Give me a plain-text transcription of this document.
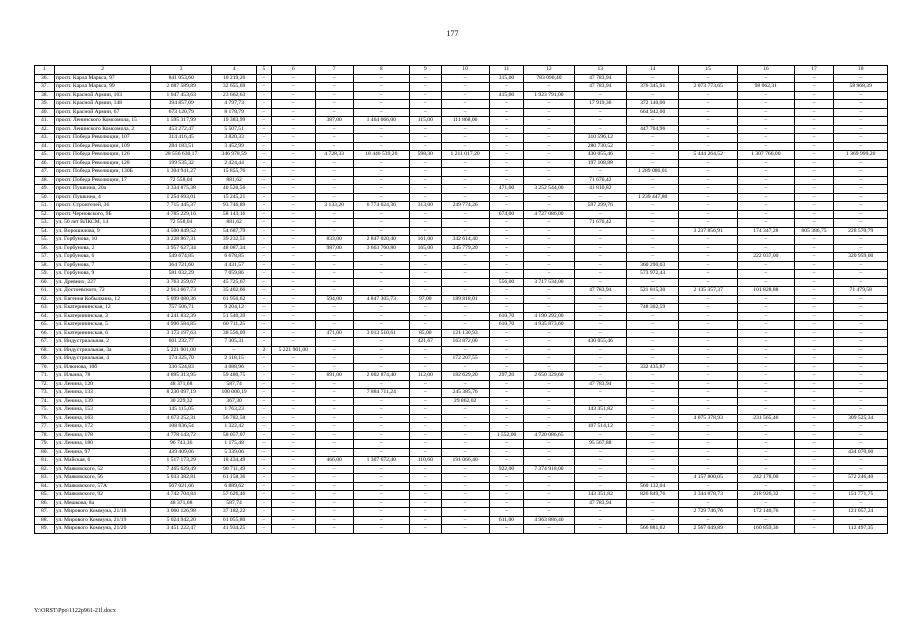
177
1	2	3	4	5	6	7	8	9	10	11	12	13	14	15	16	17	18
36.	просп. Карла Маркса, 97	841 053,60	10 219,26	–	–	–	–	–	–	315,00	783 090,40	47 783,94	–	–	–	–	–
37.	просп. Карла Маркса, 99	2 687 589,89	32 655,69	–	–	–	–	–	–	–	–	47 783,94	376 345,91	2 073 773,65	98 062,31	–	58 968,39
38.	просп. Красной Армии, 103	1 947 453,63	23 662,63	–	–	–	–	–	–	415,00	1 923 791,00	–	–	–	–	–	–
39.	просп. Красной Армии, 148	394 857,09	4 797,73	–	–	–	–	–	–	–	–	17 919,36	372 140,00	–	–	–	–
40.	просп. Красной Армии, 67	673 120,79	8 178,79	–	–	–	–	–	–	–	–	–	664 942,00	–	–	–	–
41.	просп. Ленинского Комсомола, 15	1 595 317,99	19 383,99	–	–	387,00	1 464 066,00	115,00	111 868,00	–	–	–	–	–	–	–	–
42.	просп. Ленинского Комсомола, 2	453 272,47	5 507,51	–	–	–	–	–	–	–	–	–	447 764,96	–	–	–	–
43.	просп. Победа Революции, 107	314 416,45	3 820,33	–	–	–	–	–	–	–	–	310 596,12	–	–	–	–	–
44.	просп. Победа Революции, 109	284 183,51	3 452,99	–	–	–	–	–	–	–	–	280 730,52	–	–	–	–	–
45.	просп. Победа Революции, 126	28 556 630,17	346 978,59	–	–	4 728,33	18 446 539,20	598,30	1 211 017,20	–	–	430 055,46	–	5 444 264,52	1 307 766,00	–	1 369 999,20
46.	просп. Победа Революции, 128	199 535,32	2 424,44	–	–	–	–	–	–	–	–	197 108,88	–	–	–	–	–
47.	просп. Победа Революции, 130Б	1 304 941,27	15 855,76	–	–	–	–	–	–	–	–	–	1 289 086,01	–	–	–	–
48.	просп. Победа Революции, 17	72 558,04	881,62	–	–	–	–	–	–	–	–	71 676,42	–	–	–	–	–
49.	просп. Пушкина, 20а	3 334 875,38	40 520,56	–	–	–	–	–	–	471,00	3 252 544,00	41 810,82	–	–	–	–	–
50.	просп. Пушкина, 4	1 254 693,01	15 245,21	–	–	–	–	–	–	–	–	–	1 239 447,80	–	–	–	–
51.	просп. Строителей, 36	7 715 445,37	93 746,89	–	–	3 133,20	6 774 624,36	313,00	249 774,26	–	–	597 299,76	–	–	–	–	–
52.	просп. Черновского, 9Б	4 785 229,16	58 143,16	–	–	–	–	–	–	674,00	4 727 086,00	–	–	–	–	–	–
53.	ул. 50 лет ВЛКСМ, 14	72 558,04	881,62	–	–	–	–	–	–	–	–	71 676,42	–	–	–	–	–
54.	ул. Ворошилова, 9	4 500 849,52	54 687,79	–	–	–	–	–	–	–	–	–	–	3 237 856,91	174 347,28	805 386,75	228 570,79
55.	ул. Горбунова, 10	3 228 867,31	39 232,51	–	–	833,00	2 847 020,40	161,00	342 614,40	–	–	–	–	–	–	–	–
56.	ул. Горбунова, 2	3 957 627,34	48 087,34	–	–	987,00	3 663 760,80	165,00	245 779,20	–	–	–	–	–	–	–	–
57.	ул. Горбунова, 6	549 674,85	6 678,85	–	–	–	–	–	–	–	–	–	–	–	222 037,00	–	320 959,00
58.	ул. Горбунова, 7	364 721,60	4 431,57	–	–	–	–	–	–	–	–	–	360 290,03	–	–	–	–
59.	ул. Горбунова, 9	581 032,29	7 059,86	–	–	–	–	–	–	–	–	–	573 972,43	–	–	–	–
60.	ул. Древних, 227	3 763 259,67	45 725,67	–	–	–	–	–	–	556,00	3 717 534,00	–	–	–	–	–	–
61.	ул. Достоевского, 72	2 913 667,73	35 402,66	–	–	–	–	–	–	–	–	47 783,94	521 815,30	2 135 357,37	101 828,88	–	71 479,58
62.	ул. Евгения Кобылкина, 12	5 099 080,36	61 956,62	–	–	594,00	4 847 305,73	97,00	189 818,01	–	–	–	–	–	–	–	–
63.	ул. Екатерининская, 12	757 506,71	9 204,12	–	–	–	–	–	–	–	–	–	748 302,59	–	–	–	–
64.	ул. Екатерининская, 3	4 241 832,39	51 540,39	–	–	–	–	–	–	610,70	4 190 292,00	–	–	–	–	–	–
65.	ул. Екатерининская, 5	4 996 584,85	60 711,25	–	–	–	–	–	–	610,70	4 935 873,60	–	–	–	–	–	–
66.	ул. Екатерининская, 6	3 173 197,63	38 556,09	–	–	471,00	3 013 510,61	85,00	121 130,93	–	–	–	–	–	–	–	–
67.	ул. Индустриальная, 2	601 232,77	7 305,31	–	–	–	–	421,67	163 872,00	–	–	430 055,46	–	–	–	–	–
68.	ул. Индустриальная, 3а	5 221 901,00	–	2	5 221 901,00	–	–	–	–	–	–	–	–	–	–	–	–
69.	ул. Индустриальная, 4	174 325,70	2 118,15	–	–	–	–	–	172 207,55	–	–	–	–	–	–	–	–
70.	ул. Илюнова, 10б	336 524,83	4 088,96	–	–	–	–	–	–	–	–	–	332 435,87	–	–	–	–
71.	ул. Ильина, 78	4 895 313,95	59 480,75	–	–	691,00	2 002 874,40	112,00	182 629,20	297,20	2 650 329,60	–	–	–	–	–	–
72.	ул. Ленина, 120	48 371,68	587,74	–	–	–	–	–	–	–	–	47 783,94	–	–	–	–	–
73.	ул. Ленина, 133	8 230 097,19	100 000,19	–	–	–	7 884 711,24	–	245 385,76	–	–	–	–	–	–	–	–
74.	ул. Ленина, 139	30 229,32	367,30	–	–	–	–	–	29 862,02	–	–	–	–	–	–	–	–
75.	ул. Ленина, 153	145 115,05	1 763,23	–	–	–	–	–	–	–	–	143 351,82	–	–	–	–	–
76.	ул. Ленина, 163	4 673 252,31	56 782,58	–	–	–	–	–	–	–	–	–	–	4 075 378,93	231 565,46	–	309 525,34
77.	ул. Ленина, 172	108 836,54	1 322,42	–	–	–	–	–	–	–	–	107 514,12	–	–	–	–	–
78.	ул. Ленина, 178	4 778 143,72	58 057,07	–	–	–	–	–	–	1 552,00	4 720 086,65	–	–	–	–	–	–
79.	ул. Ленина, 180	96 743,36	1 175,48	–	–	–	–	–	–	–	–	95 567,88	–	–	–	–	–
80.	ул. Ленина, 97	439 409,06	5 339,06	–	–	–	–	–	–	–	–	–	–	–	–	–	434 070,00
81.	ул. Майская, 6	1 517 173,29	18 434,49	–	–	466,00	1 307 672,40	110,60	191 066,40	–	–	–	–	–	–	–	–
82.	ул. Маяковского, 52	7 465 629,49	90 711,49	–	–	–	–	–	–	922,00	7 374 918,00	–	–	–	–	–	–
83.	ул. Маяковского, 56	5 033 382,81	61 158,36	–	–	–	–	–	–	–	–	–	–	4 157 800,05	242 178,00	–	572 246,40
84.	ул. Маяковского, 57А	567 021,66	6 889,62	–	–	–	–	–	–	–	–	–	560 132,04	–	–	–	–
85.	ул. Маяковского, 92	4 742 704,84	57 626,46	–	–	–	–	–	–	–	–	143 351,82	826 849,76	3 344 878,73	218 926,32	–	151 771,75
86.	ул. Мешкова, 8а	48 371,68	587,74	–	–	–	–	–	–	–	–	47 783,94	–	–	–	–	–
87.	ул. Мирового Коммуна, 21/18	3 060 126,98	37 182,22	–	–	–	–	–	–	–	–	–	–	2 729 746,76	172 140,76	–	121 057,24
88.	ул. Мирового Коммуна, 21/19	5 024 942,20	61 055,80	–	–	–	–	–	–	611,00	4 963 886,40	–	–	–	–	–	–
89.	ул. Мирового Коммуна, 21/20	3 451 222,47	41 934,25	–	–	–	–	–	–	–	–	–	566 881,62	2 567 049,89	160 859,36	–	112 497,35
Y:\ORST\Ppo\1122p961-21l.docx
